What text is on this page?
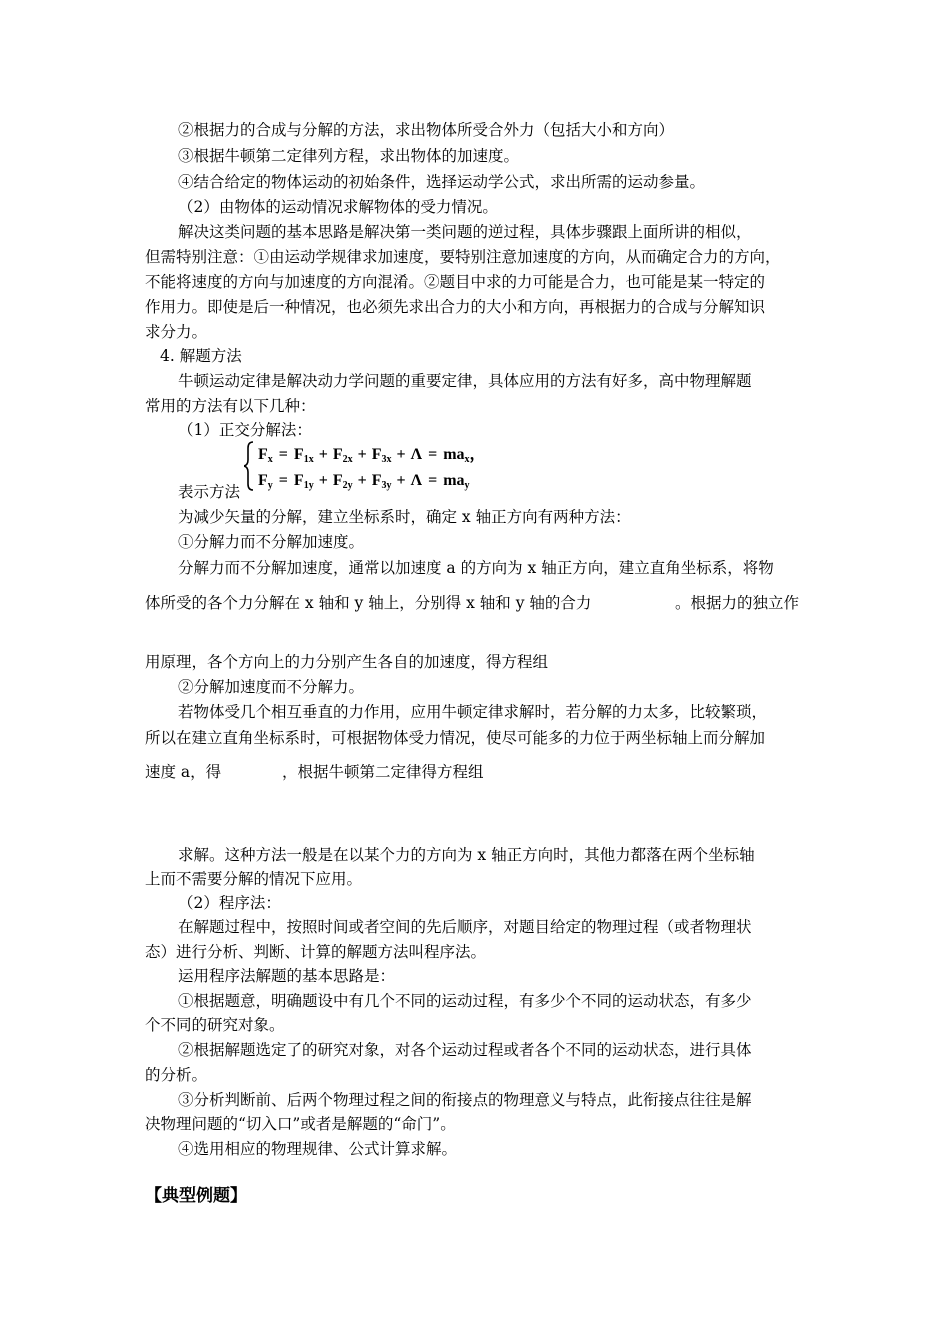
②根据力的合成与分解的方法，求出物体所受合外力（包括大小和方向）

③根据牛顿第二定律列方程，求出物体的加速度。

④结合给定的物体运动的初始条件，选择运动学公式，求出所需的运动参量。

（2）由物体的运动情况求解物体的受力情况。

解决这类问题的基本思路是解决第一类问题的逆过程，具体步骤跟上面所讲的相似，

但需特别注意：①由运动学规律求加速度，要特别注意加速度的方向，从而确定合力的方向，

不能将速度的方向与加速度的方向混淆。②题目中求的力可能是合力，也可能是某一特定的

作用力。即使是后一种情况，也必须先求出合力的大小和方向，再根据力的合成与分解知识

求分力。

4. 解题方法

牛顿运动定律是解决动力学问题的重要定律，具体应用的方法有好多，高中物理解题

常用的方法有以下几种：

（1）正交分解法：

Fx = F1x + F2x + F3x + Λ = max，
Fy = F1y + F2y + F3y + Λ = may

表示方法

为减少矢量的分解，建立坐标系时，确定 x 轴正方向有两种方法：

①分解力而不分解加速度。

分解力而不分解加速度，通常以加速度 a 的方向为 x 轴正方向，建立直角坐标系，将物

体所受的各个力分解在 x 轴和 y 轴上，分别得 x 轴和 y 轴的合力	。根据力的独立作

用原理，各个方向上的力分别产生各自的加速度，得方程组

②分解加速度而不分解力。

若物体受几个相互垂直的力作用，应用牛顿定律求解时，若分解的力太多，比较繁琐，

所以在建立直角坐标系时，可根据物体受力情况，使尽可能多的力位于两坐标轴上而分解加

速度 a，得	，根据牛顿第二定律得方程组

求解。这种方法一般是在以某个力的方向为 x 轴正方向时，其他力都落在两个坐标轴

上而不需要分解的情况下应用。

（2）程序法：

在解题过程中，按照时间或者空间的先后顺序，对题目给定的物理过程（或者物理状

态）进行分析、判断、计算的解题方法叫程序法。

运用程序法解题的基本思路是：

①根据题意，明确题设中有几个不同的运动过程，有多少个不同的运动状态，有多少

个不同的研究对象。

②根据解题选定了的研究对象，对各个运动过程或者各个不同的运动状态，进行具体

的分析。

③分析判断前、后两个物理过程之间的衔接点的物理意义与特点，此衔接点往往是解

决物理问题的“切入口”或者是解题的“命门”。

④选用相应的物理规律、公式计算求解。

【典型例题】
